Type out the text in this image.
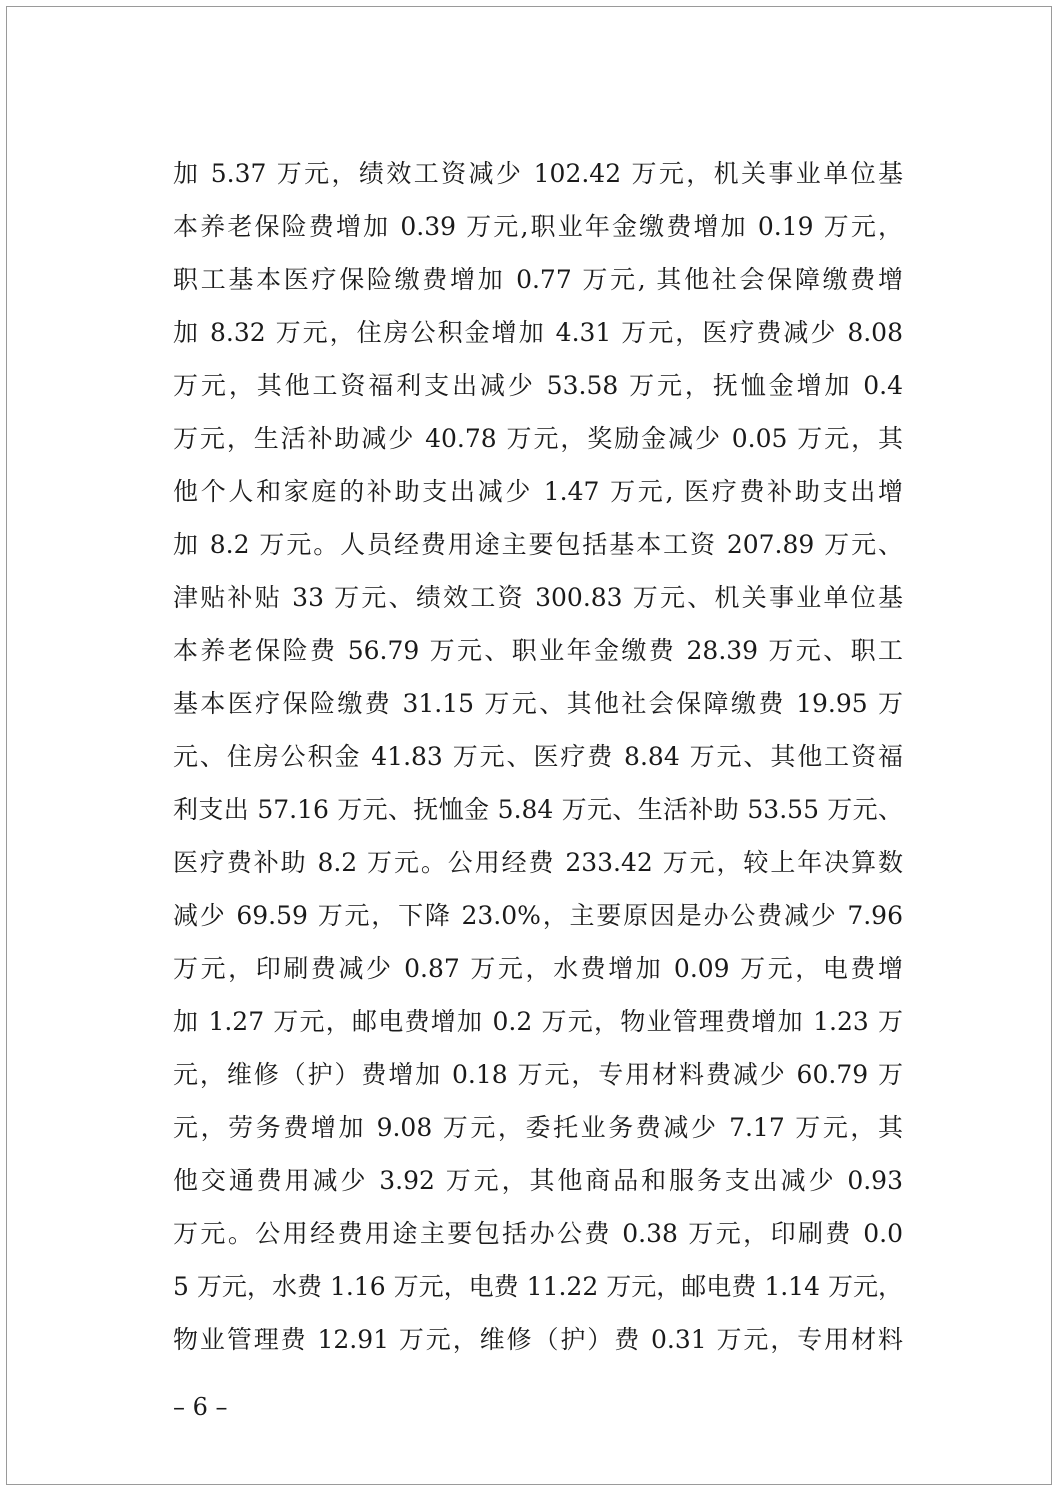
加 5.37 万元，绩效工资减少 102.42 万元，机关事业单位基
本养老保险费增加 0.39 万元,职业年金缴费增加 0.19 万元，
职工基本医疗保险缴费增加 0.77 万元, 其他社会保障缴费增
加 8.32 万元，住房公积金增加 4.31 万元，医疗费减少 8.08
万元，其他工资福利支出减少 53.58 万元，抚恤金增加 0.4
万元，生活补助减少 40.78 万元，奖励金减少 0.05 万元，其
他个人和家庭的补助支出减少 1.47 万元, 医疗费补助支出增
加 8.2 万元。人员经费用途主要包括基本工资 207.89 万元、
津贴补贴 33 万元、绩效工资 300.83 万元、机关事业单位基
本养老保险费 56.79 万元、职业年金缴费 28.39 万元、职工
基本医疗保险缴费 31.15 万元、其他社会保障缴费 19.95 万
元、住房公积金 41.83 万元、医疗费 8.84 万元、其他工资福
利支出 57.16 万元、抚恤金 5.84 万元、生活补助 53.55 万元、
医疗费补助 8.2 万元。公用经费 233.42 万元，较上年决算数
减少 69.59 万元，下降 23.0%，主要原因是办公费减少 7.96
万元，印刷费减少 0.87 万元，水费增加 0.09 万元，电费增
加 1.27 万元，邮电费增加 0.2 万元，物业管理费增加 1.23 万
元，维修（护）费增加 0.18 万元，专用材料费减少 60.79 万
元，劳务费增加 9.08 万元，委托业务费减少 7.17 万元，其
他交通费用减少 3.92 万元，其他商品和服务支出减少 0.93
万元。公用经费用途主要包括办公费 0.38 万元，印刷费 0.0
5 万元，水费 1.16 万元，电费 11.22 万元，邮电费 1.14 万元，
物业管理费 12.91 万元，维修（护）费 0.31 万元，专用材料
– 6 –
